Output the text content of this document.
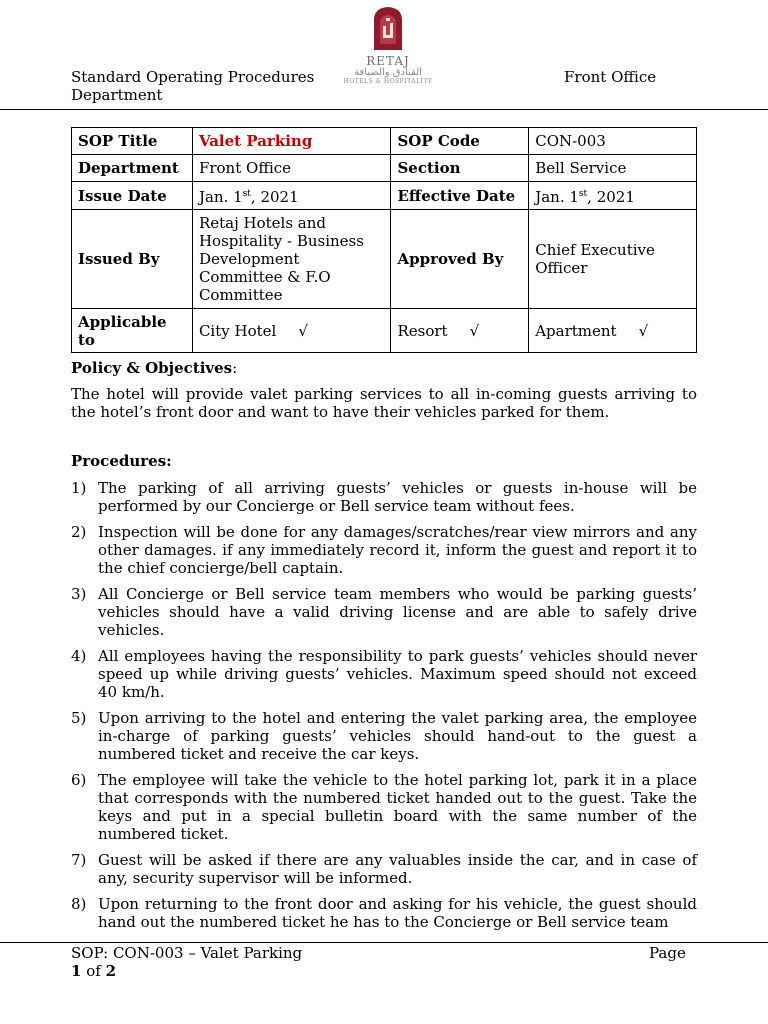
Standard Operating Procedures Department
RETAJ
الفنادق والضيافة
HOTELS & HOSPITALITY	Front Office
SOP Title	Valet Parking	SOP Code	CON-003
Department	Front Office	Section	Bell Service
Issue Date	Jan. 1st, 2021	Effective Date	Jan. 1st, 2021
Issued By	Retaj Hotels and Hospitality - Business Development Committee & F.O Committee	Approved By	Chief Executive Officer
Applicable to	City Hotel √	Resort √	Apartment √
Policy & Objectives:

The hotel will provide valet parking services to all in-coming guests arriving to the hotel’s front door and want to have their vehicles parked for them.

Procedures:
1) The parking of all arriving guests’ vehicles or guests in-house will be performed by our Concierge or Bell service team without fees.
2) Inspection will be done for any damages/scratches/rear view mirrors and any other damages. if any immediately record it, inform the guest and report it to the chief concierge/bell captain.
3) All Concierge or Bell service team members who would be parking guests’ vehicles should have a valid driving license and are able to safely drive vehicles.
4) All employees having the responsibility to park guests’ vehicles should never speed up while driving guests’ vehicles. Maximum speed should not exceed 40 km/h.
5) Upon arriving to the hotel and entering the valet parking area, the employee in-charge of parking guests’ vehicles should hand-out to the guest a numbered ticket and receive the car keys.
6) The employee will take the vehicle to the hotel parking lot, park it in a place that corresponds with the numbered ticket handed out to the guest. Take the keys and put in a special bulletin board with the same number of the numbered ticket.
7) Guest will be asked if there are any valuables inside the car, and in case of any, security supervisor will be informed.
8) Upon returning to the front door and asking for his vehicle, the guest should hand out the numbered ticket he has to the Concierge or Bell service team
SOP: CON-003 – Valet Parking
1 of 2
Page
